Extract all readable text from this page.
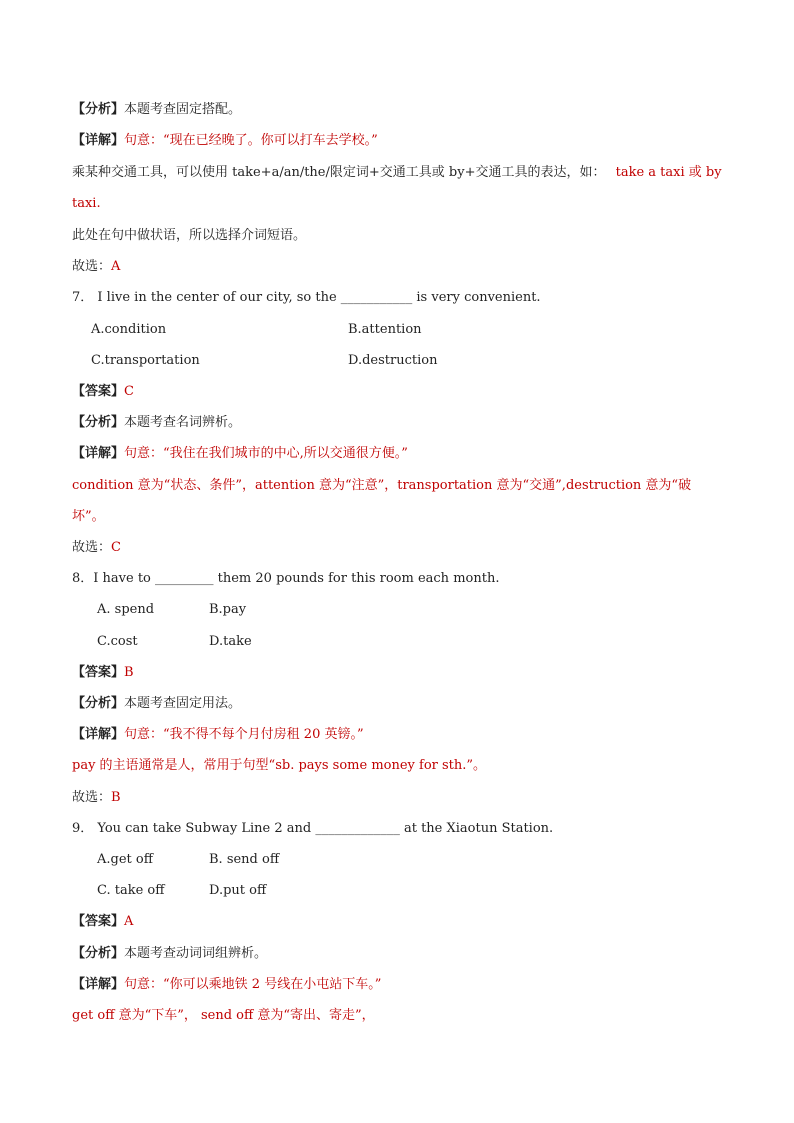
【分析】本题考查固定搭配。
【详解】句意：“现在已经晚了。你可以打车去学校。”
乘某种交通工具，可以使用 take+a/an/the/限定词+交通工具或 by+交通工具的表达，如： take a taxi 或 by
taxi.
此处在句中做状语，所以选择介词短语。
故选：A
7． I live in the center of our city, so the ___________ is very convenient.
A.condition	B.attention
C.transportation	D.destruction
【答案】C
【分析】本题考查名词辨析。
【详解】句意：“我住在我们城市的中心,所以交通很方便。”
condition 意为“状态、条件”，attention 意为“注意”，transportation 意为“交通”,destruction 意为“破
坏”。
故选：C
8．I have to _________ them 20 pounds for this room each month.
A. spend	B.pay
C.cost	D.take
【答案】B
【分析】本题考查固定用法。
【详解】句意：“我不得不每个月付房租 20 英镑。”
pay 的主语通常是人，常用于句型“sb. pays some money for sth.”。
故选：B
9． You can take Subway Line 2 and _____________ at the Xiaotun Station.
A.get off	B. send off
C. take off	D.put off
【答案】A
【分析】本题考查动词词组辨析。
【详解】句意：“你可以乘地铁 2 号线在小屯站下车。”
get off 意为“下车”， send off 意为“寄出、寄走”，
